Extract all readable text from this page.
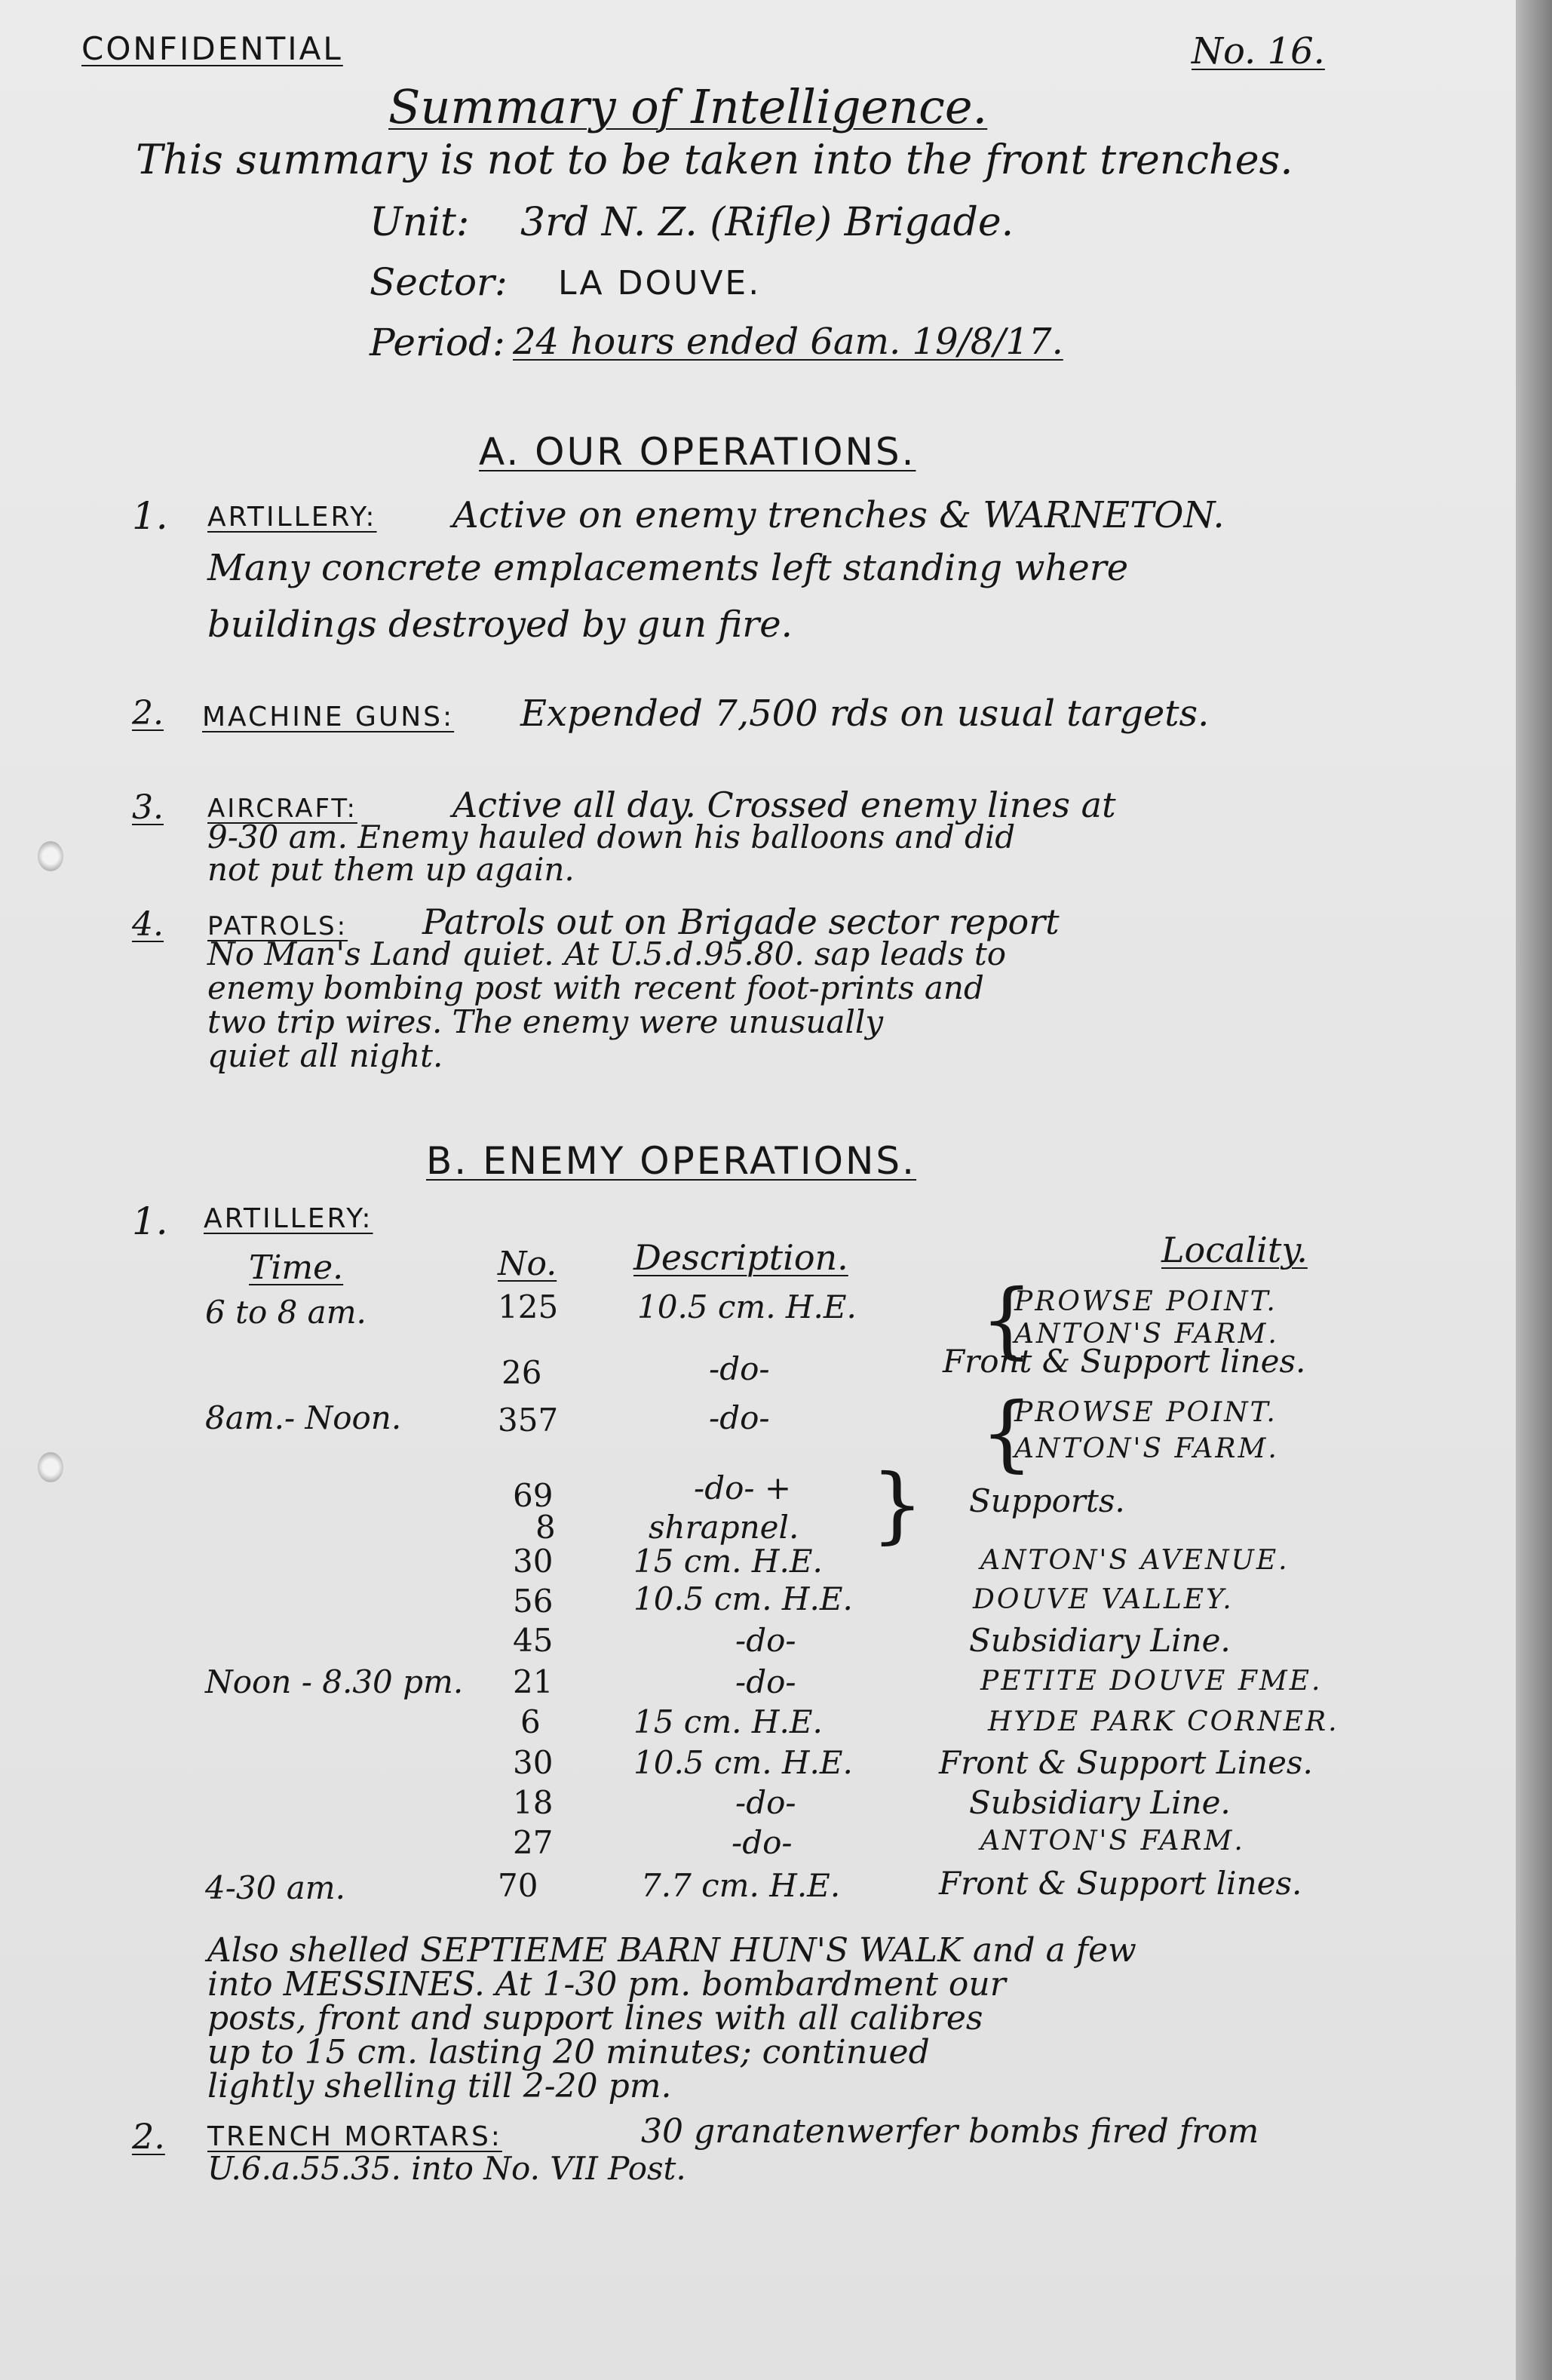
CONFIDENTIAL	No. 16.
Summary of Intelligence.
This summary is not to be taken into the front trenches.
Unit: 3rd N. Z. (Rifle) Brigade.
Sector: LA DOUVE.
Period: 24 hours ended 6am. 19/8/17.
A. OUR OPERATIONS.
1. ARTILLERY: Active on enemy trenches & WARNETON.
Many concrete emplacements left standing where
buildings destroyed by gun fire.
2. MACHINE GUNS: Expended 7,500 rds on usual targets.
3. AIRCRAFT:	Active all day. Crossed enemy lines at
9-30 am. Enemy hauled down his balloons and did
not put them up again.
4. PATROLS: Patrols out on Brigade sector report
No Man's Land quiet. At U.5.d.95.80. sap leads to
enemy bombing post with recent foot-prints and
two trip wires. The enemy were unusually
quiet all night.
B. ENEMY OPERATIONS.
1. ARTILLERY:
Time.	No. Description.	Locality.
6 to 8 am.	125 10.5 cm. H.E.	PROWSE POINT.
ANTON'S FARM.
26	-do-	Front & Support lines.
8am.- Noon.	357	-do-	PROWSE POINT.
ANTON'S FARM.
69	-do- +	Supports.
8	shrapnel.
30	15 cm. H.E.	ANTON'S AVENUE.
56	10.5 cm. H.E.	DOUVE VALLEY.
45	-do-	Subsidiary Line.
Noon - 8.30 pm. 21	-do-	PETITE DOUVE FME.
6	15 cm. H.E.	HYDE PARK CORNER.
30	10.5 cm. H.E.	Front & Support Lines.
18	-do-	Subsidiary Line.
27	-do-	ANTON'S FARM.
4-30 am.	70	7.7 cm. H.E.	Front & Support lines.
{
{
}
Also shelled SEPTIEME BARN HUN'S WALK and a few
into MESSINES. At 1-30 pm. bombardment our
posts, front and support lines with all calibres
up to 15 cm. lasting 20 minutes; continued
lightly shelling till 2-20 pm.
2. TRENCH MORTARS:	30 granatenwerfer bombs fired from
U.6.a.55.35. into No. VII Post.
